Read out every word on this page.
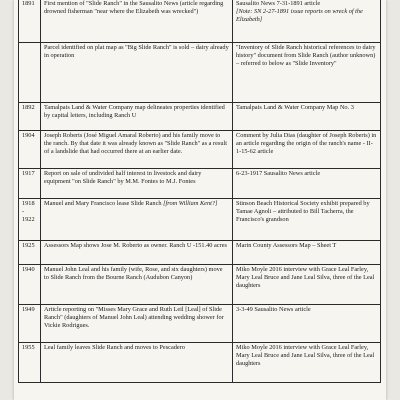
1891	First mention of "Slide Ranch" in the Sausalito News (article regarding drowned fisherman "near where the Elizabeth was wrecked")	Sausalito News 7-31-1891 article
[Note: SN 2-27-1891 issue reports on wreck of the Elizabeth]

	Parcel identified on plat map as "Big Slide Ranch" is sold – dairy already in operation	"Inventory of Slide Ranch historical references to dairy history" document from Slide Ranch (author unknown) – referred to below as "Slide Inventory"
1892	Tamalpais Land & Water Company map delineates properties identified by capital letters, including Ranch U	Tamalpais Land & Water Company Map No. 3
1904	Joseph Roberts (José Miguel Amaral Roberto) and his family move to the ranch. By that date it was already known as "Slide Ranch" as a result of a landslide that had occurred there at an earlier date.	Comment by Julia Dias (daughter of Joseph Roberts) in an article regarding the origin of the ranch's name - II-1-15-62 article
1917	Report on sale of undivided half interest in livestock and dairy equipment "on Slide Ranch" by M.M. Fontes to M.J. Fontes	6-23-1917 Sausalito News article
1918 -
1922	Manuel and Mary Francisco lease Slide Ranch [from William Kent?]	Stinson Beach Historical Society exhibit prepared by Tamae Agnoli – attributed to Bill Tacherra, the Francisco's grandson
1925	Assessors Map shows Jose M. Roberto as owner. Ranch U -151.40 acres	Marin County Assessors Map – Sheet T
1940	Manuel John Leal and his family (wife, Rose, and six daughters) move to Slide Ranch from the Bourne Ranch (Audubon Canyon)	Miko Moyle 2016 interview with Grace Leal Farley, Mary Leal Bruce and Jane Leal Silva, three of the Leal daughters
1949	Article reporting on "Misses Mary Grace and Ruth Leil [Leal] of Slide Ranch" (daughters of Manuel John Leal) attending wedding shower for Vickie Rodrigues.	3-3-49 Sausalito News article
1955	Leal family leaves Slide Ranch and moves to Pescadero	Miko Moyle 2016 interview with Grace Leal Farley, Mary Leal Bruce and Jane Leal Silva, three of the Leal daughters
